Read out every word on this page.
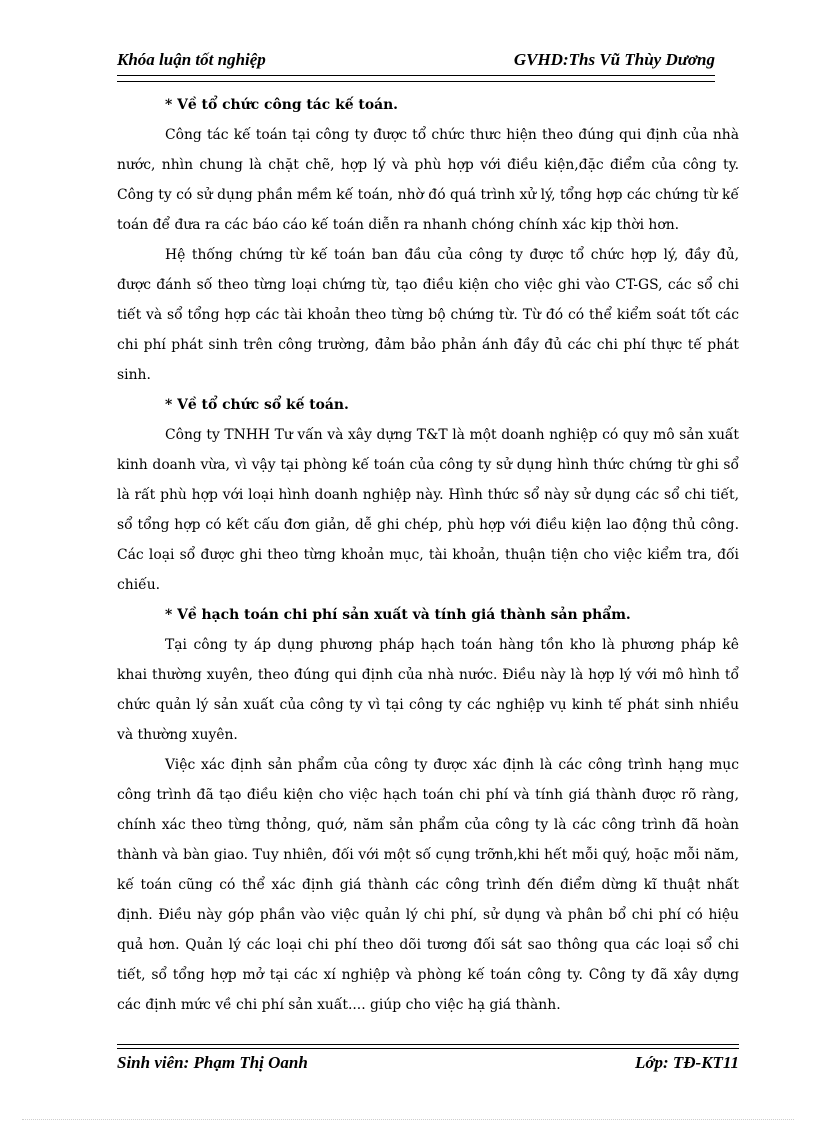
Khóa luận tốt nghiệp	GVHD:Ths Vũ Thùy Dương

* Về tổ chức công tác kế toán.

Công tác kế toán tại công ty được tổ chức thưc hiện theo đúng qui định của nhà nước, nhìn chung là chặt chẽ, hợp lý và phù hợp với điều kiện,đặc điểm của công ty. Công ty có sử dụng phần mềm kế toán, nhờ đó quá trình xử lý, tổng hợp các chứng từ kế toán để đưa ra các báo cáo kế toán diễn ra nhanh chóng chính xác kịp thời hơn.

Hệ thống chứng từ kế toán ban đầu của công ty được tổ chức hợp lý, đầy đủ, được đánh số theo từng loại chứng từ, tạo điều kiện cho việc ghi vào CT-GS, các sổ chi tiết và sổ tổng hợp các tài khoản theo từng bộ chứng từ. Từ đó có thể kiểm soát tốt các chi phí phát sinh trên công trường, đảm bảo phản ánh đầy đủ các chi phí thực tế phát sinh.

* Về tổ chức sổ kế toán.

Công ty TNHH Tư vấn và xây dựng T&T là một doanh nghiệp có quy mô sản xuất kinh doanh vừa, vì vậy tại phòng kế toán của công ty sử dụng hình thức chứng từ ghi sổ là rất phù hợp với loại hình doanh nghiệp này. Hình thức sổ này sử dụng các sổ chi tiết, sổ tổng hợp có kết cấu đơn giản, dễ ghi chép, phù hợp với điều kiện lao động thủ công. Các loại sổ được ghi theo từng khoản mục, tài khoản, thuận tiện cho việc kiểm tra, đối chiếu.

* Về hạch toán chi phí sản xuất và tính giá thành sản phẩm.

Tại công ty áp dụng phương pháp hạch toán hàng tồn kho là phương pháp kê khai thường xuyên, theo đúng qui định của nhà nước. Điều này là hợp lý với mô hình tổ chức quản lý sản xuất của công ty vì tại công ty các nghiệp vụ kinh tế phát sinh nhiều và thường xuyên.

Việc xác định sản phẩm của công ty được xác định là các công trình hạng mục công trình đã tạo điều kiện cho việc hạch toán chi phí và tính giá thành được rõ ràng, chính xác theo từng thỏng, quớ, năm sản phẩm của công ty là các công trình đã hoàn thành và bàn giao. Tuy nhiên, đối với một số cụng trỡnh,khi hết mỗi quý, hoặc mỗi năm, kế toán cũng có thể xác định giá thành các công trình đến điểm dừng kĩ thuật nhất định. Điều này góp phần vào việc quản lý chi phí, sử dụng và phân bổ chi phí có hiệu quả hơn. Quản lý các loại chi phí theo dõi tương đối sát sao thông qua các loại sổ chi tiết, sổ tổng hợp mở tại các xí nghiệp và phòng kế toán công ty. Công ty đã xây dựng các định mức về chi phí sản xuất.... giúp cho việc hạ giá thành.

Sinh viên: Phạm Thị Oanh	Lớp: TĐ-KT11
